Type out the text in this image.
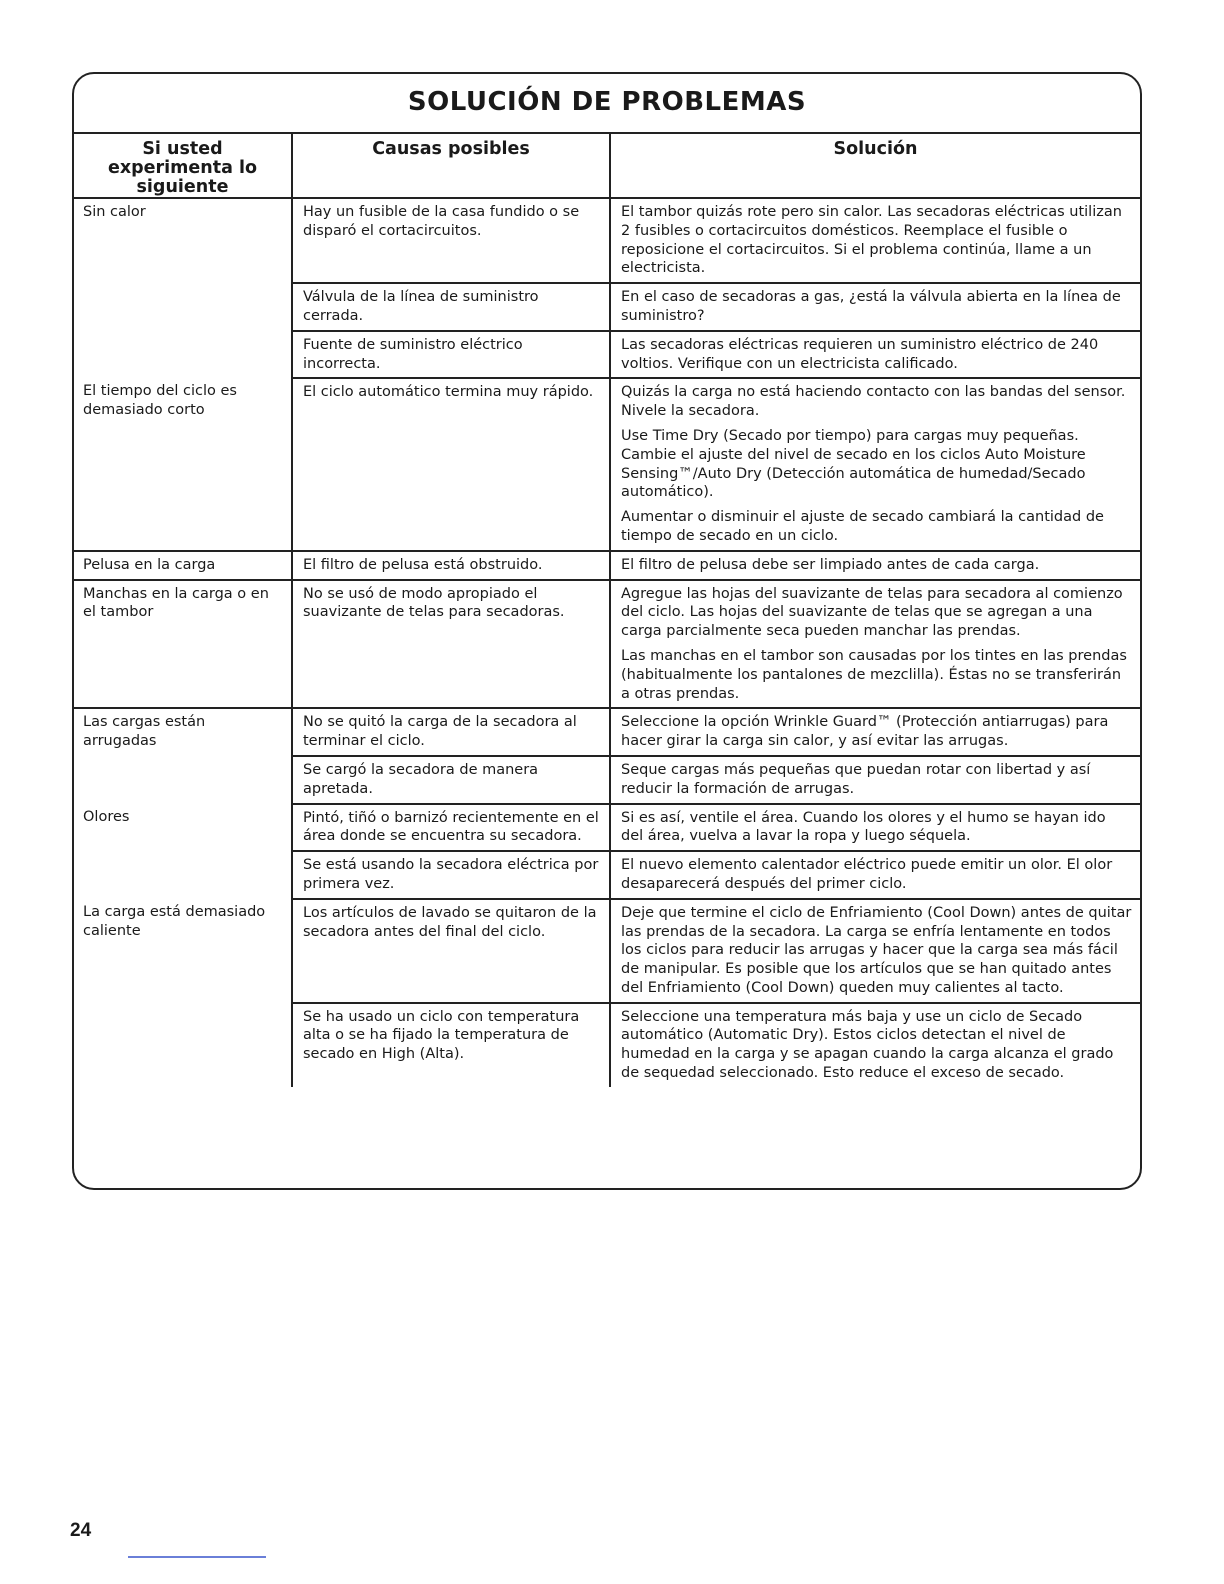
SOLUCIÓN DE PROBLEMAS
Si usted experimenta lo siguiente	Causas posibles	Solución
Sin calor	Hay un fusible de la casa fundido o se disparó el cortacircuitos.	El tambor quizás rote pero sin calor. Las secadoras eléctricas utilizan 2 fusibles o cortacircuitos domésticos. Reemplace el fusible o reposicione el cortacircuitos. Si el problema continúa, llame a un electricista.

	Válvula de la línea de suministro cerrada.	En el caso de secadoras a gas, ¿está la válvula abierta en la línea de suministro?

	Fuente de suministro eléctrico incorrecta.	Las secadoras eléctricas requieren un suministro eléctrico de 240 voltios. Verifique con un electricista calificado.

El tiempo del ciclo es demasiado corto	El ciclo automático termina muy rápido.	Quizás la carga no está haciendo contacto con las bandas del sensor. Nivele la secadora.
Use Time Dry (Secado por tiempo) para cargas muy pequeñas. Cambie el ajuste del nivel de secado en los ciclos Auto Moisture Sensing™/Auto Dry (Detección automática de humedad/Secado automático).
Aumentar o disminuir el ajuste de secado cambiará la cantidad de tiempo de secado en un ciclo.

Pelusa en la carga	El filtro de pelusa está obstruido.	El filtro de pelusa debe ser limpiado antes de cada carga.

Manchas en la carga o en el tambor	No se usó de modo apropiado el suavizante de telas para secadoras.	Agregue las hojas del suavizante de telas para secadora al comienzo del ciclo. Las hojas del suavizante de telas que se agregan a una carga parcialmente seca pueden manchar las prendas.
Las manchas en el tambor son causadas por los tintes en las prendas (habitualmente los pantalones de mezclilla). Éstas no se transferirán a otras prendas.

Las cargas están arrugadas	No se quitó la carga de la secadora al terminar el ciclo.	Seleccione la opción Wrinkle Guard™ (Protección antiarrugas) para hacer girar la carga sin calor, y así evitar las arrugas.

	Se cargó la secadora de manera apretada.	Seque cargas más pequeñas que puedan rotar con libertad y así reducir la formación de arrugas.

Olores	Pintó, tiñó o barnizó recientemente en el área donde se encuentra su secadora.	Si es así, ventile el área. Cuando los olores y el humo se hayan ido del área, vuelva a lavar la ropa y luego séquela.

	Se está usando la secadora eléctrica por primera vez.	El nuevo elemento calentador eléctrico puede emitir un olor. El olor desaparecerá después del primer ciclo.

La carga está demasiado caliente	Los artículos de lavado se quitaron de la secadora antes del final del ciclo.	Deje que termine el ciclo de Enfriamiento (Cool Down) antes de quitar las prendas de la secadora. La carga se enfría lentamente en todos los ciclos para reducir las arrugas y hacer que la carga sea más fácil de manipular. Es posible que los artículos que se han quitado antes del Enfriamiento (Cool Down) queden muy calientes al tacto.

	Se ha usado un ciclo con temperatura alta o se ha fijado la temperatura de secado en High (Alta).	Seleccione una temperatura más baja y use un ciclo de Secado automático (Automatic Dry). Estos ciclos detectan el nivel de humedad en la carga y se apagan cuando la carga alcanza el grado de sequedad seleccionado. Esto reduce el exceso de secado.
24
